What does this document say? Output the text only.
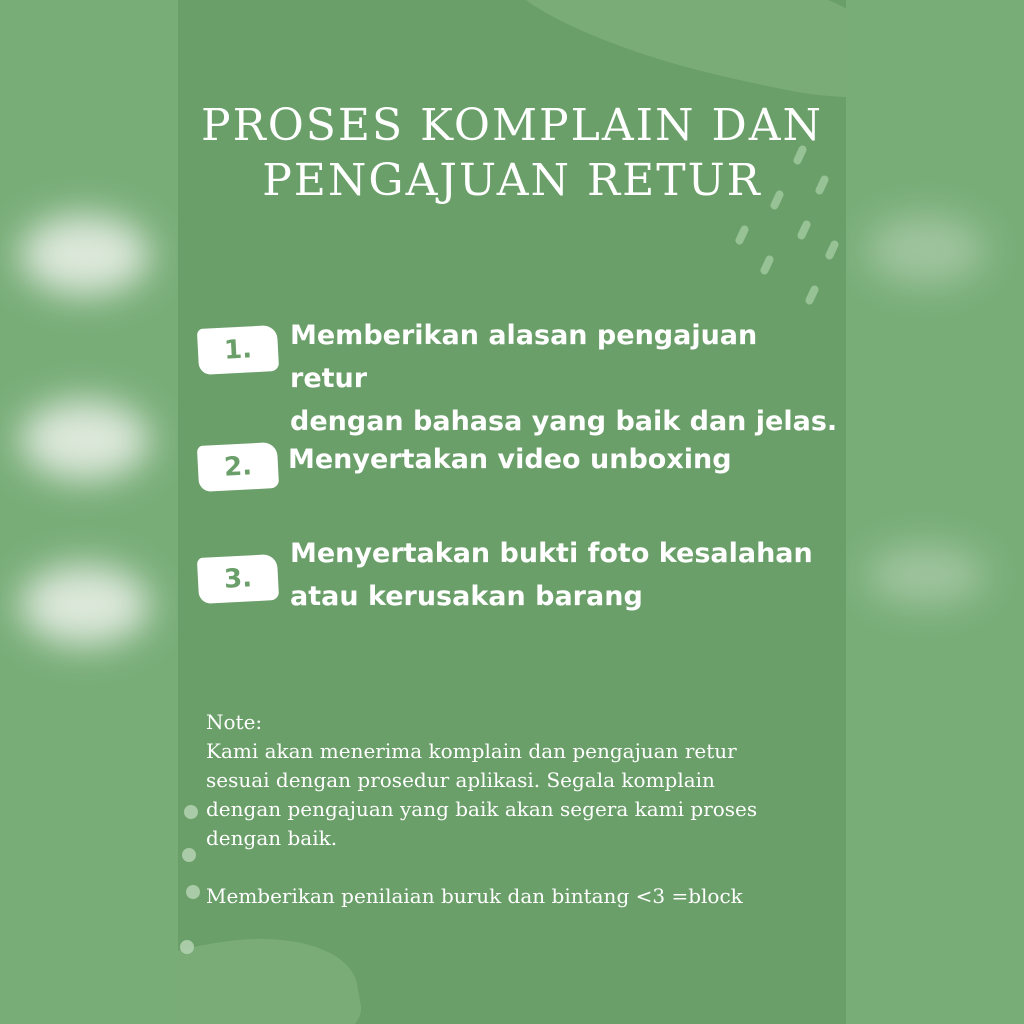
PROSES KOMPLAIN DAN
PENGAJUAN RETUR
1.	Memberikan alasan pengajuan retur
dengan bahasa yang baik dan jelas.
2.	Menyertakan video unboxing
3.
Menyertakan bukti foto kesalahan
atau kerusakan barang

Note:

Kami akan menerima komplain dan pengajuan retur

sesuai dengan prosedur aplikasi. Segala komplain

dengan pengajuan yang baik akan segera kami proses

dengan baik.

Memberikan penilaian buruk dan bintang <3 =block
